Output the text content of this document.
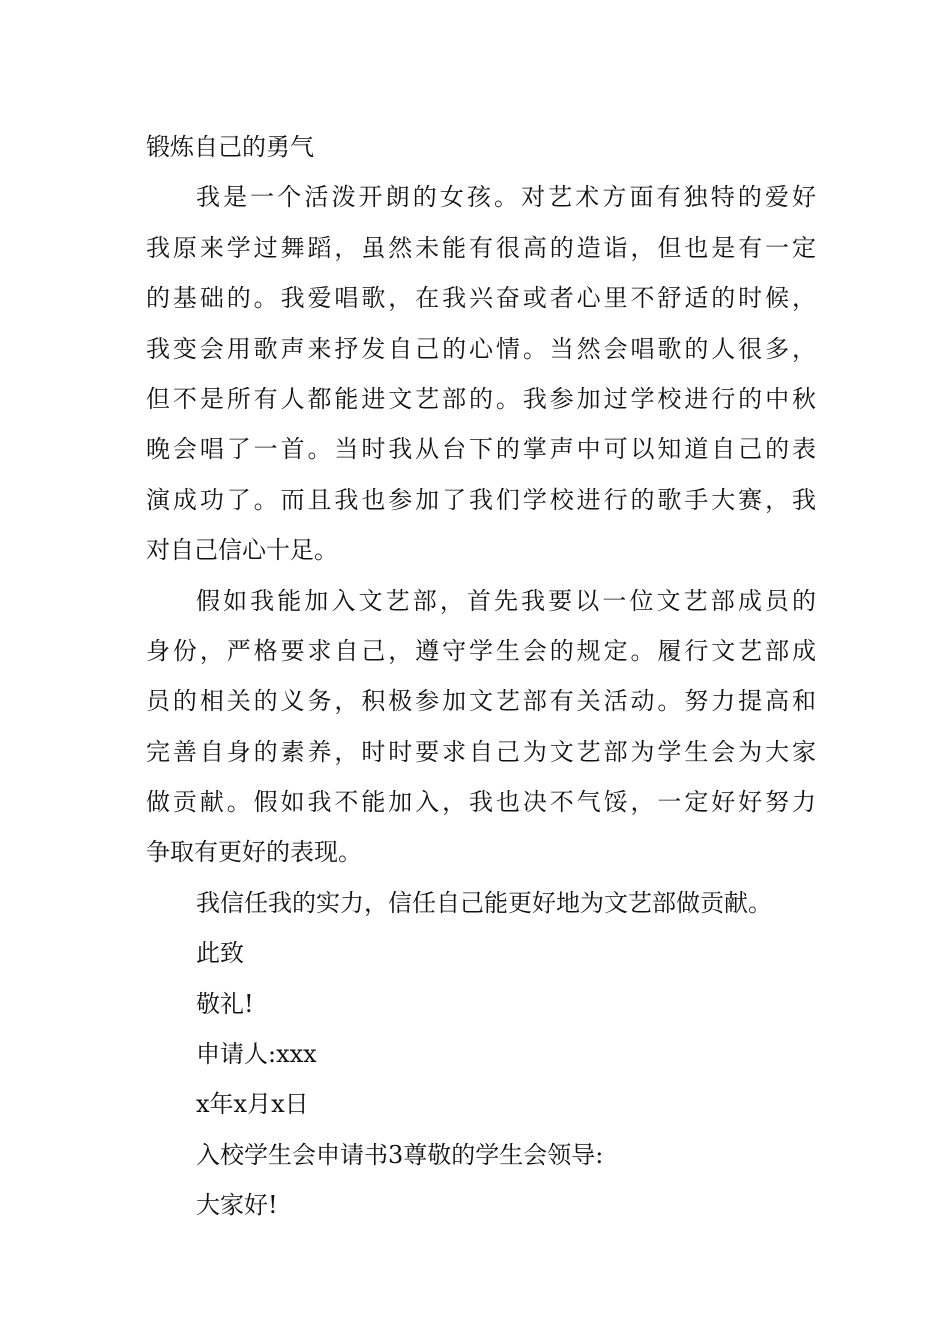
锻炼自己的勇气
我是一个活泼开朗的女孩。对艺术方面有独特的爱好
我原来学过舞蹈，虽然未能有很高的造诣，但也是有一定
的基础的。我爱唱歌，在我兴奋或者心里不舒适的时候，
我变会用歌声来抒发自己的心情。当然会唱歌的人很多，
但不是所有人都能进文艺部的。我参加过学校进行的中秋
晚会唱了一首。当时我从台下的掌声中可以知道自己的表
演成功了。而且我也参加了我们学校进行的歌手大赛，我
对自己信心十足。
假如我能加入文艺部，首先我要以一位文艺部成员的
身份，严格要求自己，遵守学生会的规定。履行文艺部成
员的相关的义务，积极参加文艺部有关活动。努力提高和
完善自身的素养，时时要求自己为文艺部为学生会为大家
做贡献。假如我不能加入，我也决不气馁，一定好好努力
争取有更好的表现。
我信任我的实力，信任自己能更好地为文艺部做贡献。
此致
敬礼!
申请人:xxx
x年x月x日
入校学生会申请书3尊敬的学生会领导:
大家好!
